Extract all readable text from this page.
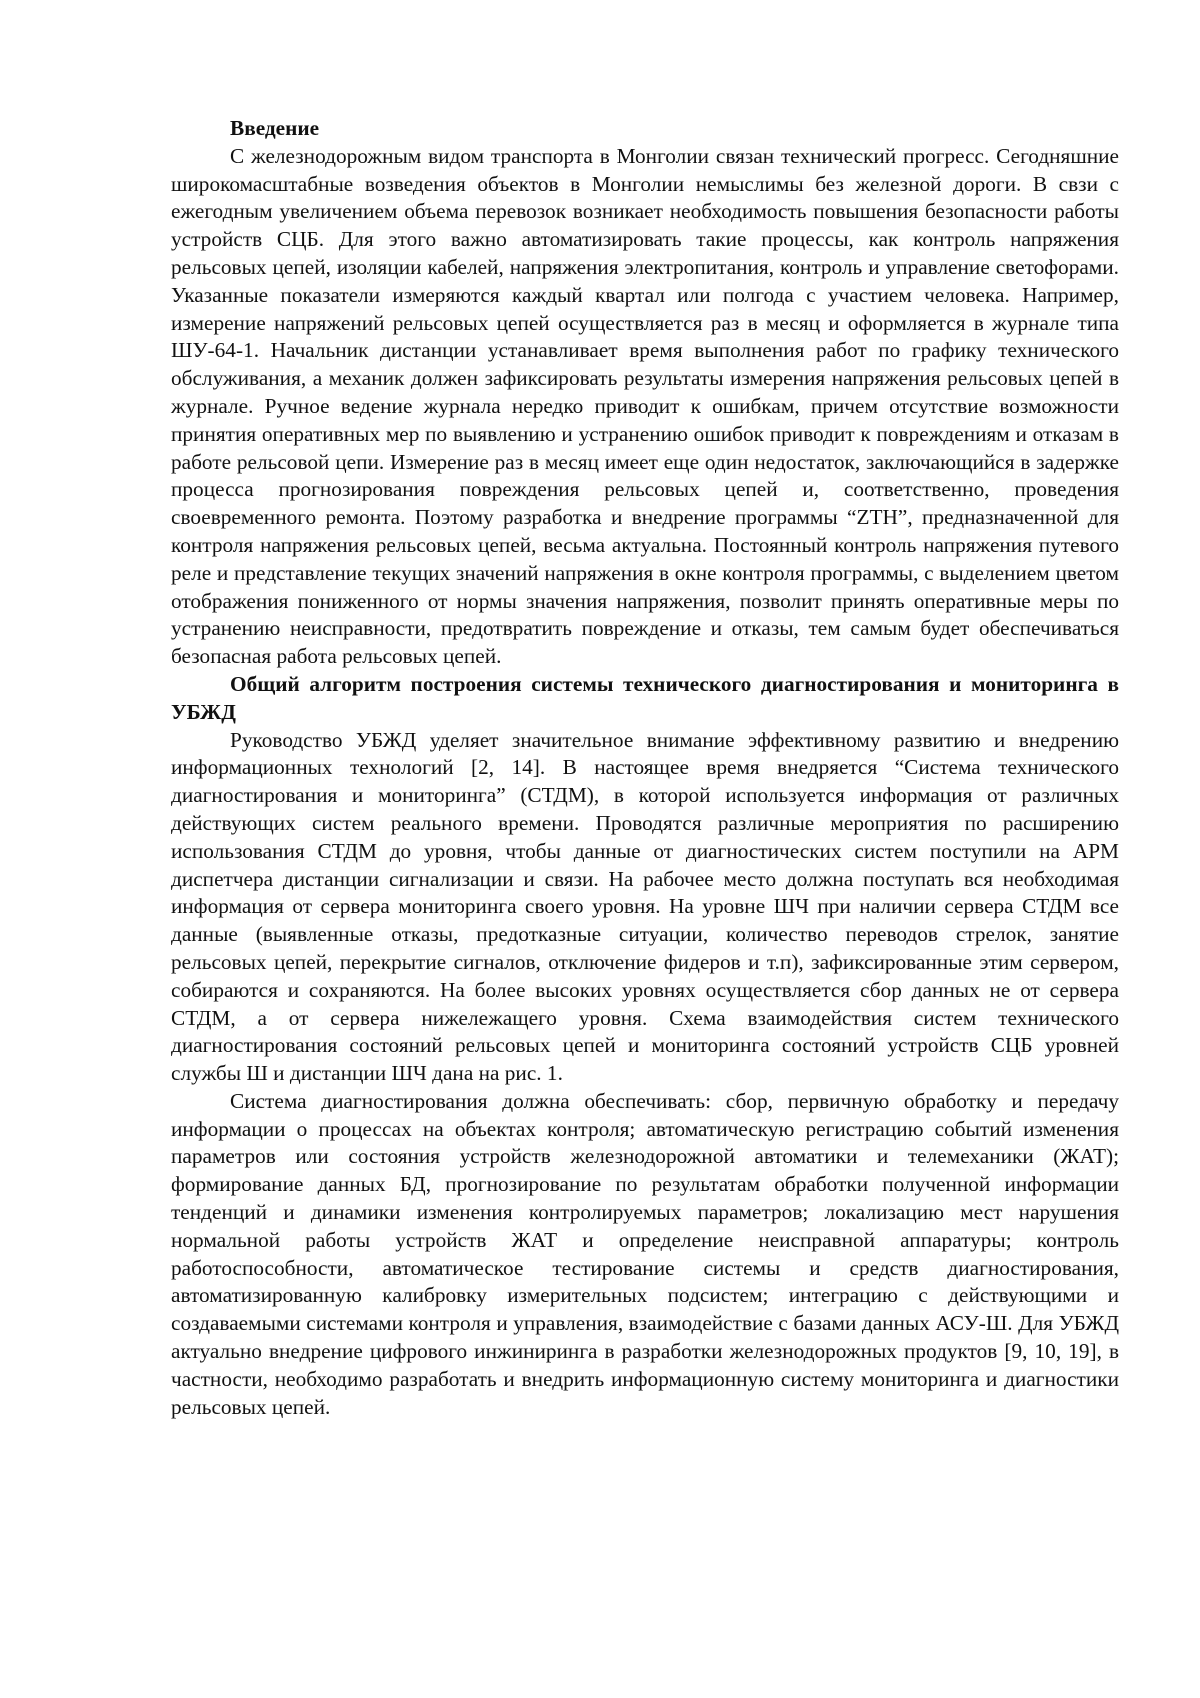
Введение

С железнодорожным видом транспорта в Монголии связан технический прогресс. Сегодняшние широкомасштабные возведения объектов в Монголии немыслимы без железной дороги. В свзи с ежегодным увеличением объема перевозок возникает необходимость повышения безопасности работы устройств СЦБ. Для этого важно автоматизировать такие процессы, как контроль напряжения рельсовых цепей, изоляции кабелей, напряжения электропитания, контроль и управление светофорами. Указанные показатели измеряются каждый квартал или полгода с участием человека. Например, измерение напряжений рельсовых цепей осуществляется раз в месяц и оформляется в журнале типа ШУ-64-1. Начальник дистанции устанавливает время выполнения работ по графику технического обслуживания, а механик должен зафиксировать результаты измерения напряжения рельсовых цепей в журнале. Ручное ведение журнала нередко приводит к ошибкам, причем отсутствие возможности принятия оперативных мер по выявлению и устранению ошибок приводит к повреждениям и отказам в работе рельсовой цепи. Измерение раз в месяц имеет еще один недостаток, заключающийся в задержке процесса прогнозирования повреждения рельсовых цепей и, соответственно, проведения своевременного ремонта. Поэтому разработка и внедрение программы “ZTH”, предназначенной для контроля напряжения рельсовых цепей, весьма актуальна. Постоянный контроль напряжения путевого реле и представление текущих значений напряжения в окне контроля программы, с выделением цветом отображения пониженного от нормы значения напряжения, позволит принять оперативные меры по устранению неисправности, предотвратить повреждение и отказы, тем самым будет обеспечиваться безопасная работа рельсовых цепей.

Общий алгоритм построения системы технического диагностирования и мониторинга в УБЖД

Руководство УБЖД уделяет значительное внимание эффективному развитию и внедрению информационных технологий [2, 14]. В настоящее время внедряется “Система технического диагностирования и мониторинга” (СТДМ), в которой используется информация от различных действующих систем реального времени. Проводятся различные мероприятия по расширению использования СТДМ до уровня, чтобы данные от диагностических систем поступили на АРМ диспетчера дистанции сигнализации и связи. На рабочее место должна поступать вся необходимая информация от сервера мониторинга своего уровня. На уровне ШЧ при наличии сервера СТДМ все данные (выявленные отказы, предотказные ситуации, количество переводов стрелок, занятие рельсовых цепей, перекрытие сигналов, отключение фидеров и т.п), зафиксированные этим сервером, собираются и сохраняются. На более высоких уровнях осуществляется сбор данных не от сервера СТДМ, а от сервера нижележащего уровня. Схема взаимодействия систем технического диагностирования состояний рельсовых цепей и мониторинга состояний устройств СЦБ уровней службы Ш и дистанции ШЧ дана на рис. 1.

Система диагностирования должна обеспечивать: сбор, первичную обработку и передачу информации о процессах на объектах контроля; автоматическую регистрацию событий изменения параметров или состояния устройств железнодорожной автоматики и телемеханики (ЖАТ); формирование данных БД, прогнозирование по результатам обработки полученной информации тенденций и динамики изменения контролируемых параметров; локализацию мест нарушения нормальной работы устройств ЖАТ и определение неисправной аппаратуры; контроль работоспособности, автоматическое тестирование системы и средств диагностирования, автоматизированную калибровку измерительных подсистем; интеграцию с действующими и создаваемыми системами контроля и управления, взаимодействие с базами данных АСУ-Ш. Для УБЖД актуально внедрение цифрового инжиниринга в разработки железнодорожных продуктов [9, 10, 19], в частности, необходимо разработать и внедрить информационную систему мониторинга и диагностики рельсовых цепей.
